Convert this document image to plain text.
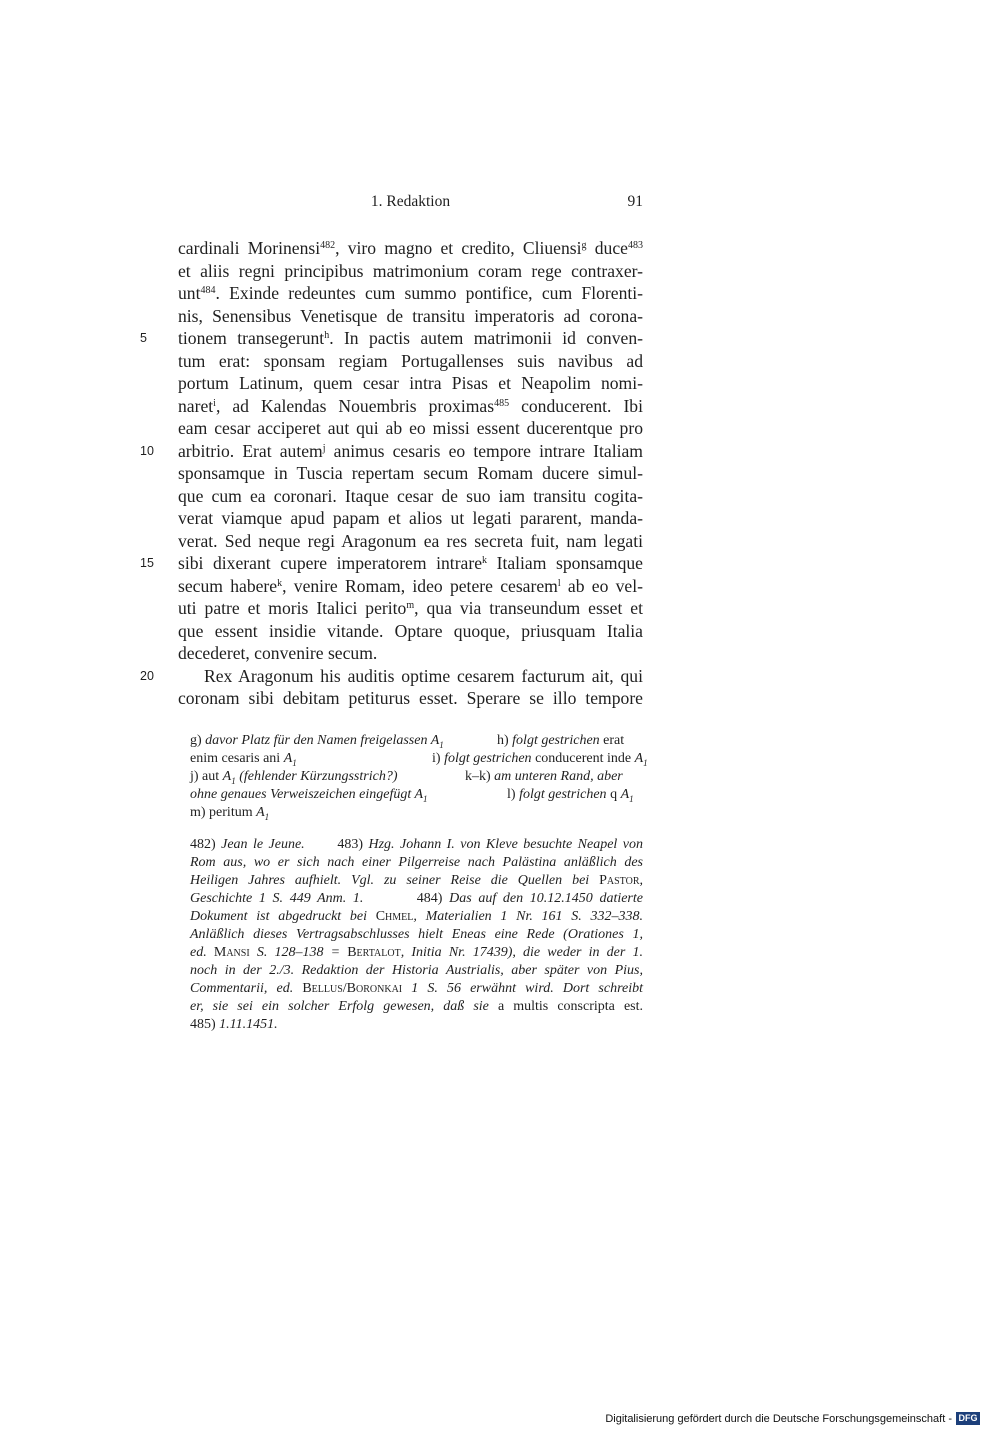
1. Redaktion	91
cardinali Morinensi$^{482}$, viro magno et credito, Cliuensi$^g$ duce$^{483}$
et aliis regni principibus matrimonium coram rege contraxer-
unt$^{484}$. Exinde redeuntes cum summo pontifice, cum Florenti-
nis, Senensibus Venetisque de transitu imperatoris ad corona-
5	tionem transegerunt$^h$. In pactis autem matrimonii id conven-
tum erat: sponsam regiam Portugallenses suis navibus ad
portum Latinum, quem cesar intra Pisas et Neapolim nomi-
naret$^i$, ad Kalendas Nouembris proximas$^{485}$ conducerent. Ibi
eam cesar acciperet aut qui ab eo missi essent ducerentque pro
10	arbitrio. Erat autem$^j$ animus cesaris eo tempore intrare Italiam
sponsamque in Tuscia repertam secum Romam ducere simul-
que cum ea coronari. Itaque cesar de suo iam transitu cogita-
verat viamque apud papam et alios ut legati pararent, manda-
verat. Sed neque regi Aragonum ea res secreta fuit, nam legati
15	sibi dixerant cupere imperatorem intrare$^k$ Italiam sponsamque
secum habere$^k$, venire Romam, ideo petere cesarem$^l$ ab eo vel-
uti patre et moris Italici perito$^m$, qua via transeundum esset et
que essent insidie vitande. Optare quoque, priusquam Italia
decederet, convenire secum.
20	Rex Aragonum his auditis optime cesarem facturum ait, qui
coronam sibi debitam petiturus esset. Sperare se illo tempore
g) davor Platz für den Namen freigelassen $A_1$	h) folgt gestrichen erat
enim cesaris ani $A_1$	i) folgt gestrichen conducerent inde $A_1$
j) aut $A_1$ (fehlender Kürzungsstrich?)	k–k) am unteren Rand, aber
ohne genaues Verweiszeichen eingefügt $A_1$	l) folgt gestrichen q $A_1$
m) peritum $A_1$
482) Jean le Jeune.      483) Hzg. Johann I. von Kleve besuchte Neapel von
Rom aus, wo er sich nach einer Pilgerreise nach Palästina anläßlich des
Heiligen Jahres aufhielt. Vgl. zu seiner Reise die Quellen bei Pastor,
Geschichte 1 S. 449 Anm. 1.        484) Das auf den 10.12.1450 datierte
Dokument ist abgedruckt bei Chmel, Materialien 1 Nr. 161 S. 332–338.
Anläßlich dieses Vertragsabschlusses hielt Eneas eine Rede (Orationes 1,
ed. Mansi S. 128–138 = Bertalot, Initia Nr. 17439), die weder in der 1.
noch in der 2./3. Redaktion der Historia Austrialis, aber später von Pius,
Commentarii, ed. Bellus/Boronkai 1 S. 56 erwähnt wird. Dort schreibt
er, sie sei ein solcher Erfolg gewesen, daß sie a multis conscripta est.
485) 1.11.1451.
Digitalisierung gefördert durch die Deutsche Forschungsgemeinschaft - DFG
